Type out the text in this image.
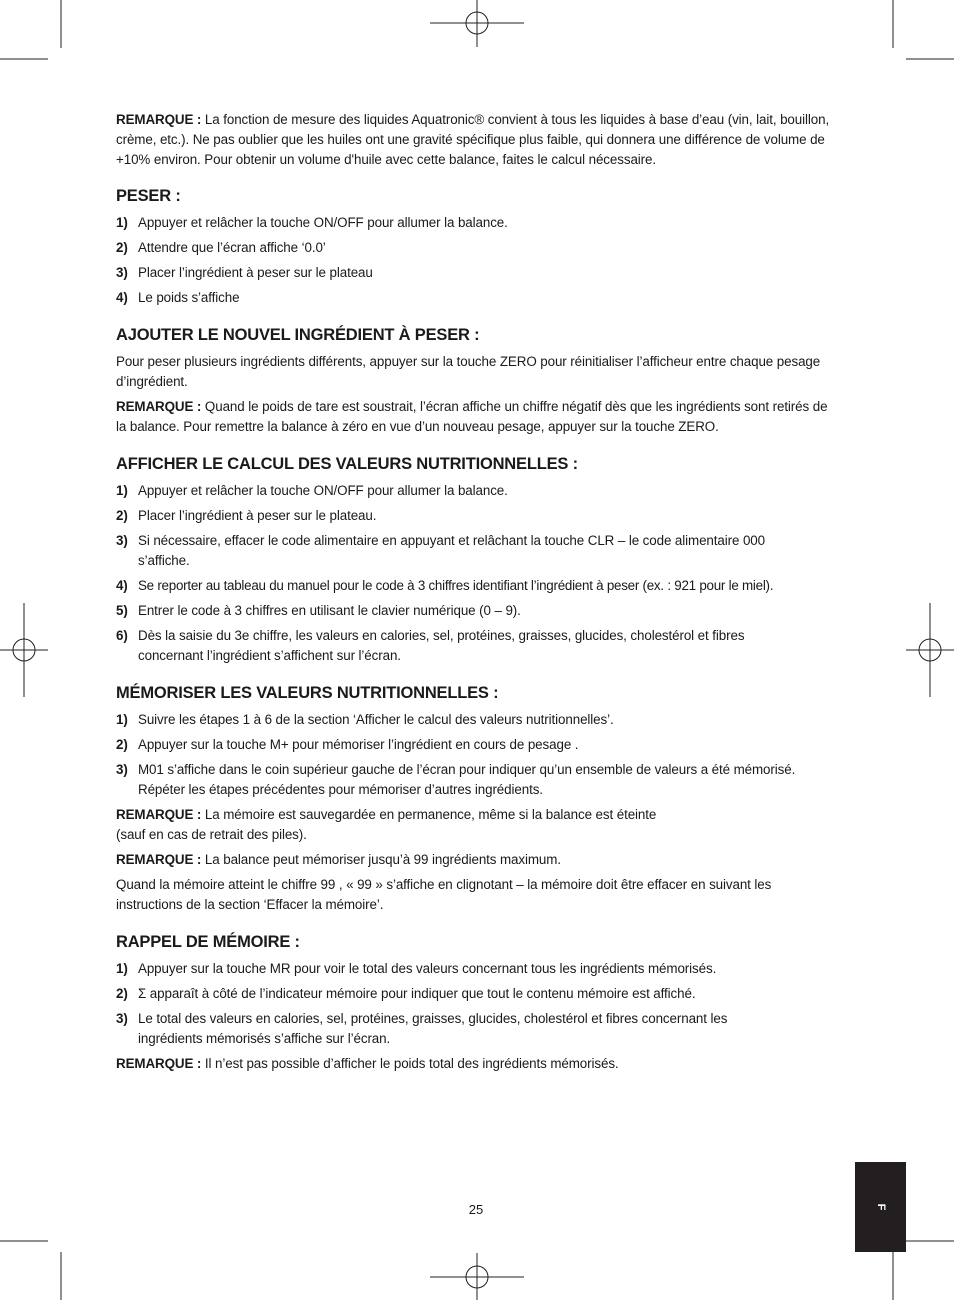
REMARQUE : La fonction de mesure des liquides Aquatronic® convient à tous les liquides à base d’eau (vin, lait, bouillon, crème, etc.). Ne pas oublier que les huiles ont une gravité spécifique plus faible, qui donnera une différence de volume de +10% environ. Pour obtenir un volume d'huile avec cette balance, faites le calcul nécessaire.

PESER :
1) Appuyer et relâcher la touche ON/OFF pour allumer la balance.
2) Attendre que l’écran affiche ‘0.0’
3) Placer l’ingrédient à peser sur le plateau
4) Le poids s’affiche
AJOUTER LE NOUVEL INGRÉDIENT À PESER :

Pour peser plusieurs ingrédients différents, appuyer sur la touche ZERO pour réinitialiser l’afficheur entre chaque pesage d’ingrédient.

REMARQUE : Quand le poids de tare est soustrait, l’écran affiche un chiffre négatif dès que les ingrédients sont retirés de la balance. Pour remettre la balance à zéro en vue d’un nouveau pesage, appuyer sur la touche ZERO.

AFFICHER LE CALCUL DES VALEURS NUTRITIONNELLES :
1) Appuyer et relâcher la touche ON/OFF pour allumer la balance.
2) Placer l’ingrédient à peser sur le plateau.
3) Si nécessaire, effacer le code alimentaire en appuyant et relâchant la touche CLR – le code alimentaire 000 s’affiche.
4) Se reporter au tableau du manuel pour le code à 3 chiffres identifiant l’ingrédient à peser (ex. : 921 pour le miel).
5) Entrer le code à 3 chiffres en utilisant le clavier numérique (0 – 9).
6) Dès la saisie du 3e chiffre, les valeurs en calories, sel, protéines, graisses, glucides, cholestérol et fibres concernant l’ingrédient s’affichent sur l’écran.
MÉMORISER LES VALEURS NUTRITIONNELLES :
1) Suivre les étapes 1 à 6 de la section ‘Afficher le calcul des valeurs nutritionnelles’.
2) Appuyer sur la touche M+ pour mémoriser l’ingrédient en cours de pesage .
3) M01 s’affiche dans le coin supérieur gauche de l’écran pour indiquer qu’un ensemble de valeurs a été mémorisé. Répéter les étapes précédentes pour mémoriser d’autres ingrédients.

REMARQUE : La mémoire est sauvegardée en permanence, même si la balance est éteinte
(sauf en cas de retrait des piles).

REMARQUE : La balance peut mémoriser jusqu’à 99 ingrédients maximum.

Quand la mémoire atteint le chiffre 99 , « 99 » s’affiche en clignotant – la mémoire doit être effacer en suivant les instructions de la section ‘Effacer la mémoire’.

RAPPEL DE MÉMOIRE :
1) Appuyer sur la touche MR pour voir le total des valeurs concernant tous les ingrédients mémorisés.
2) Σ apparaît à côté de l’indicateur mémoire pour indiquer que tout le contenu mémoire est affiché.
3) Le total des valeurs en calories, sel, protéines, graisses, glucides, cholestérol et fibres concernant les ingrédients mémorisés s’affiche sur l’écran.

REMARQUE : Il n’est pas possible d’afficher le poids total des ingrédients mémorisés.

25	F
